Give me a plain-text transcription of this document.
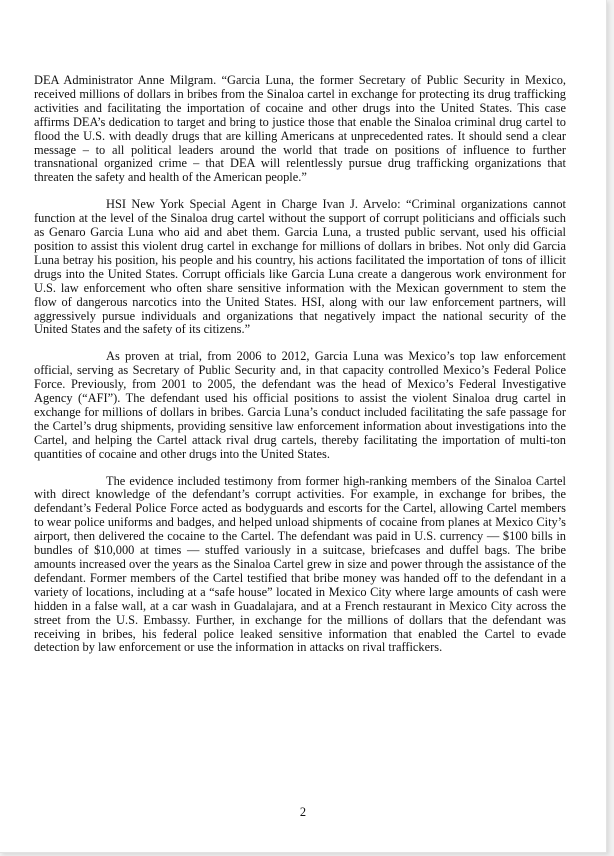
DEA Administrator Anne Milgram. “Garcia Luna, the former Secretary of Public Security in Mexico, received millions of dollars in bribes from the Sinaloa cartel in exchange for protecting its drug trafficking activities and facilitating the importation of cocaine and other drugs into the United States. This case affirms DEA’s dedication to target and bring to justice those that enable the Sinaloa criminal drug cartel to flood the U.S. with deadly drugs that are killing Americans at unprecedented rates. It should send a clear message – to all political leaders around the world that trade on positions of influence to further transnational organized crime – that DEA will relentlessly pursue drug trafficking organizations that threaten the safety and health of the American people.”

HSI New York Special Agent in Charge Ivan J. Arvelo: “Criminal organizations cannot function at the level of the Sinaloa drug cartel without the support of corrupt politicians and officials such as Genaro Garcia Luna who aid and abet them. Garcia Luna, a trusted public servant, used his official position to assist this violent drug cartel in exchange for millions of dollars in bribes. Not only did Garcia Luna betray his position, his people and his country, his actions facilitated the importation of tons of illicit drugs into the United States. Corrupt officials like Garcia Luna create a dangerous work environment for U.S. law enforcement who often share sensitive information with the Mexican government to stem the flow of dangerous narcotics into the United States. HSI, along with our law enforcement partners, will aggressively pursue individuals and organizations that negatively impact the national security of the United States and the safety of its citizens.”

As proven at trial, from 2006 to 2012, Garcia Luna was Mexico’s top law enforcement official, serving as Secretary of Public Security and, in that capacity controlled Mexico’s Federal Police Force. Previously, from 2001 to 2005, the defendant was the head of Mexico’s Federal Investigative Agency (“AFI”). The defendant used his official positions to assist the violent Sinaloa drug cartel in exchange for millions of dollars in bribes. Garcia Luna’s conduct included facilitating the safe passage for the Cartel’s drug shipments, providing sensitive law enforcement information about investigations into the Cartel, and helping the Cartel attack rival drug cartels, thereby facilitating the importation of multi-ton quantities of cocaine and other drugs into the United States.

The evidence included testimony from former high-ranking members of the Sinaloa Cartel with direct knowledge of the defendant’s corrupt activities. For example, in exchange for bribes, the defendant’s Federal Police Force acted as bodyguards and escorts for the Cartel, allowing Cartel members to wear police uniforms and badges, and helped unload shipments of cocaine from planes at Mexico City’s airport, then delivered the cocaine to the Cartel. The defendant was paid in U.S. currency — $100 bills in bundles of $10,000 at times — stuffed variously in a suitcase, briefcases and duffel bags. The bribe amounts increased over the years as the Sinaloa Cartel grew in size and power through the assistance of the defendant. Former members of the Cartel testified that bribe money was handed off to the defendant in a variety of locations, including at a “safe house” located in Mexico City where large amounts of cash were hidden in a false wall, at a car wash in Guadalajara, and at a French restaurant in Mexico City across the street from the U.S. Embassy. Further, in exchange for the millions of dollars that the defendant was receiving in bribes, his federal police leaked sensitive information that enabled the Cartel to evade detection by law enforcement or use the information in attacks on rival traffickers.

2
